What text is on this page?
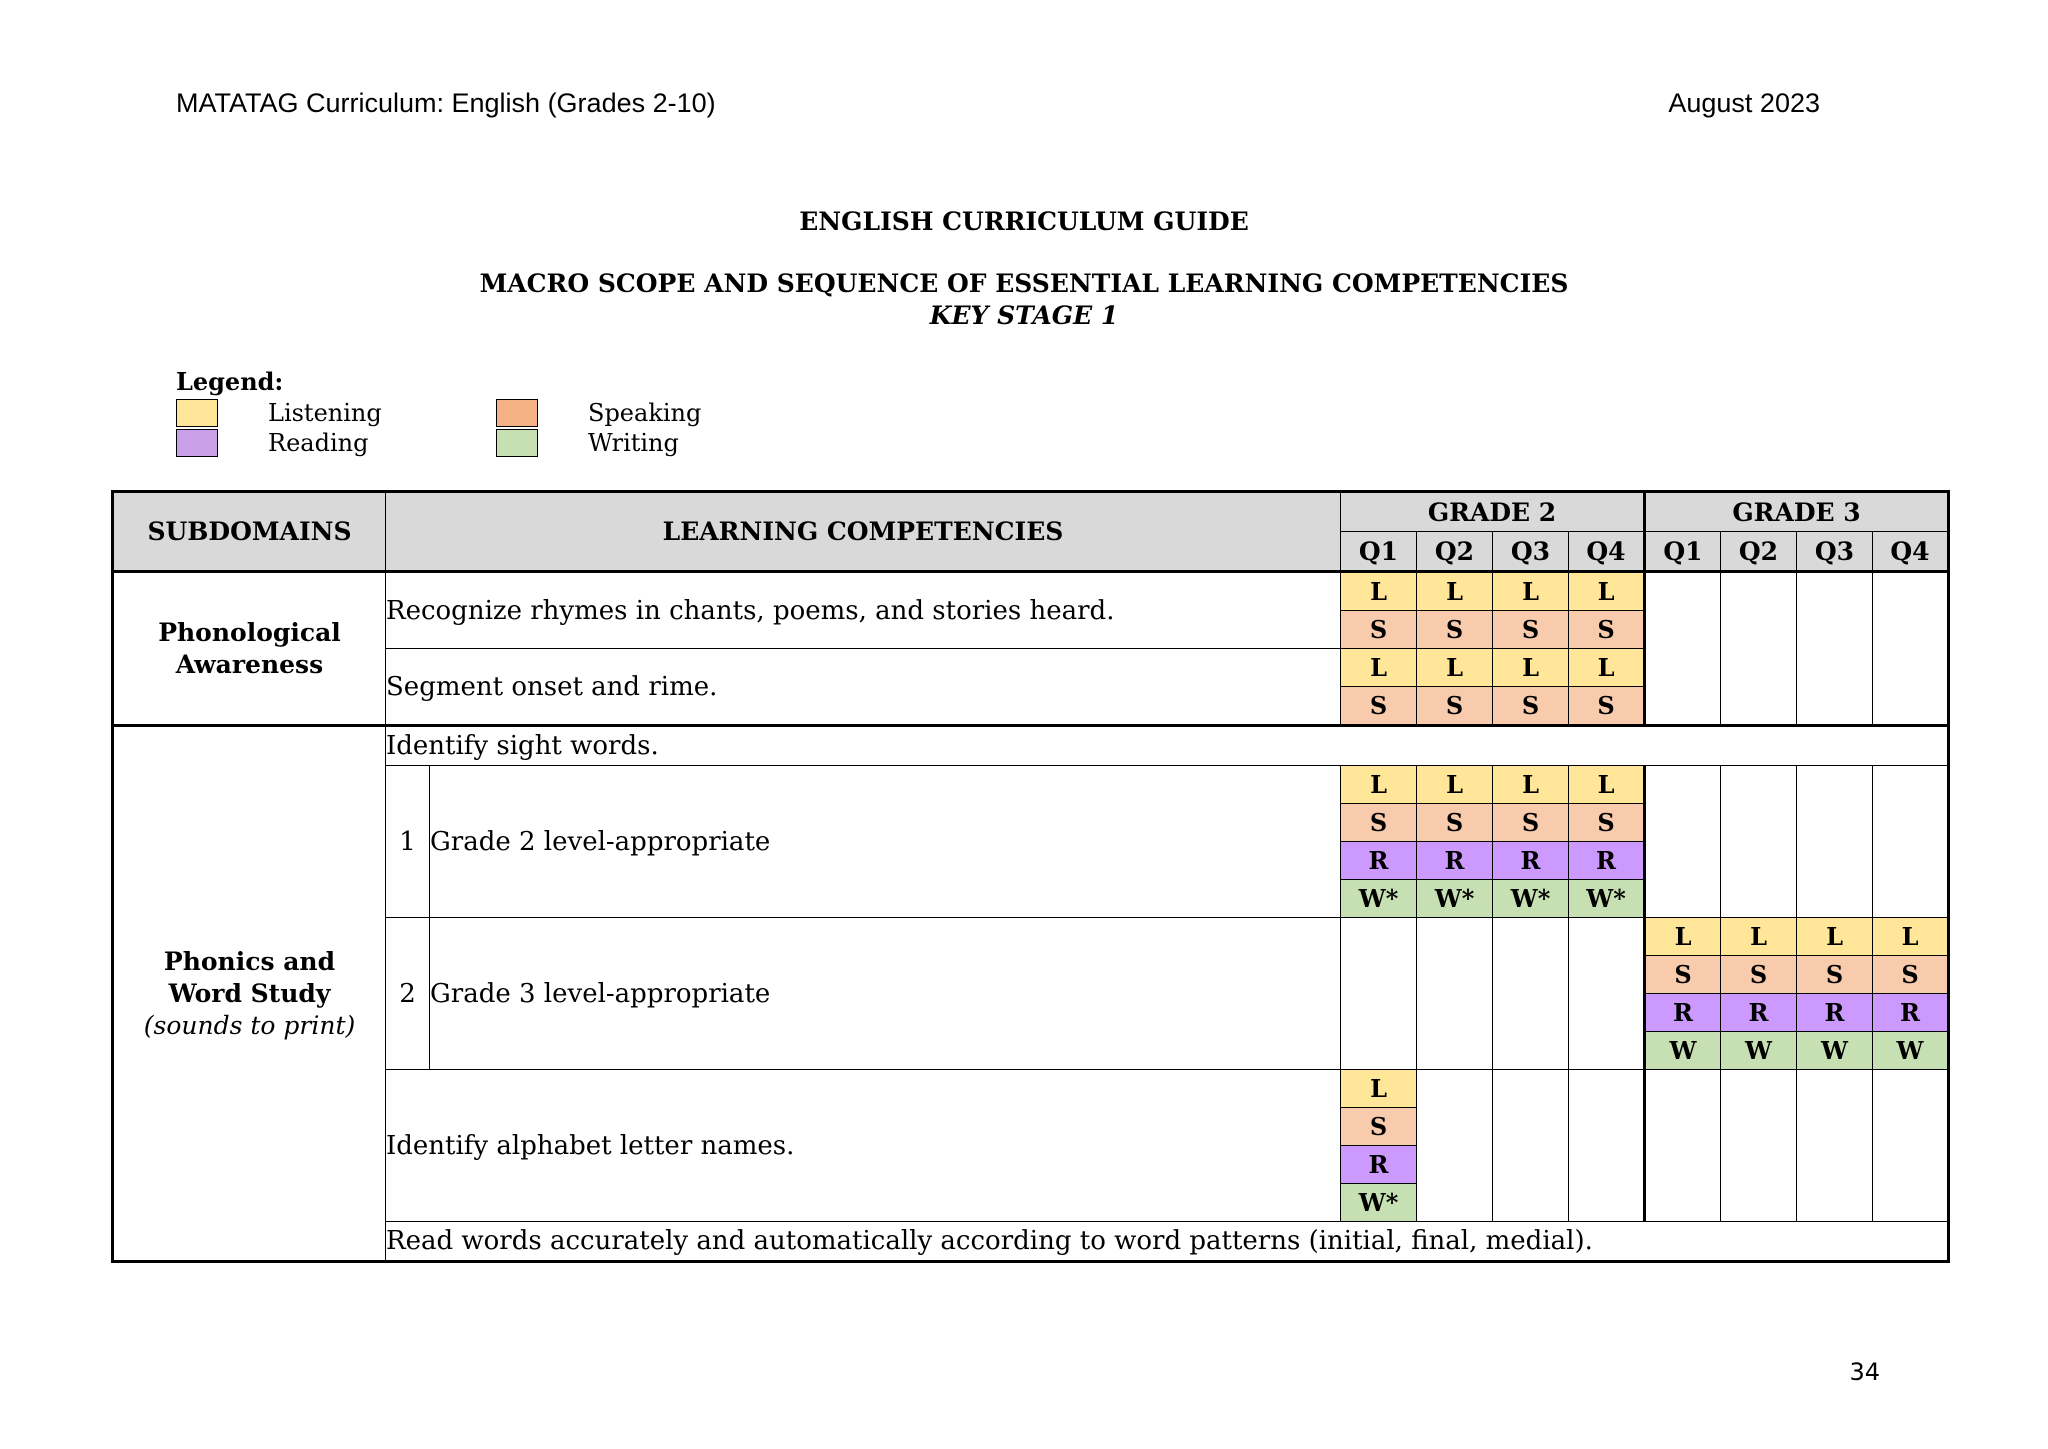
MATATAG Curriculum: English (Grades 2-10)	August 2023
ENGLISH CURRICULUM GUIDE
MACRO SCOPE AND SEQUENCE OF ESSENTIAL LEARNING COMPETENCIES
KEY STAGE 1
Legend:
Listening	Speaking
Reading	Writing
SUBDOMAINS	LEARNING COMPETENCIES		GRADE 2				GRADE 3			
			Q1	Q2	Q3	Q4	Q1	Q2	Q3	Q4

Phonological
Awareness	Recognize rhymes in chants, poems, and stories heard.		L	L	L	L				
			S	S	S	S				
	Segment onset and rime.		L	L	L	L				
			S	S	S	S				

Phonics and
Word Study
(sounds to print)	Identify sight words.									
	1	Grade 2 level-appropriate	L	L	L	L				
			S	S	S	S				
			R	R	R	R				
			W*	W*	W*	W*				
	2	Grade 3 level-appropriate					L	L	L	L
							S	S	S	S
							R	R	R	R
							W	W	W	W
	Identify alphabet letter names.		L							
			S							
			R							
			W*							
	Read words accurately and automatically according to word patterns (initial, final, medial).									
34
